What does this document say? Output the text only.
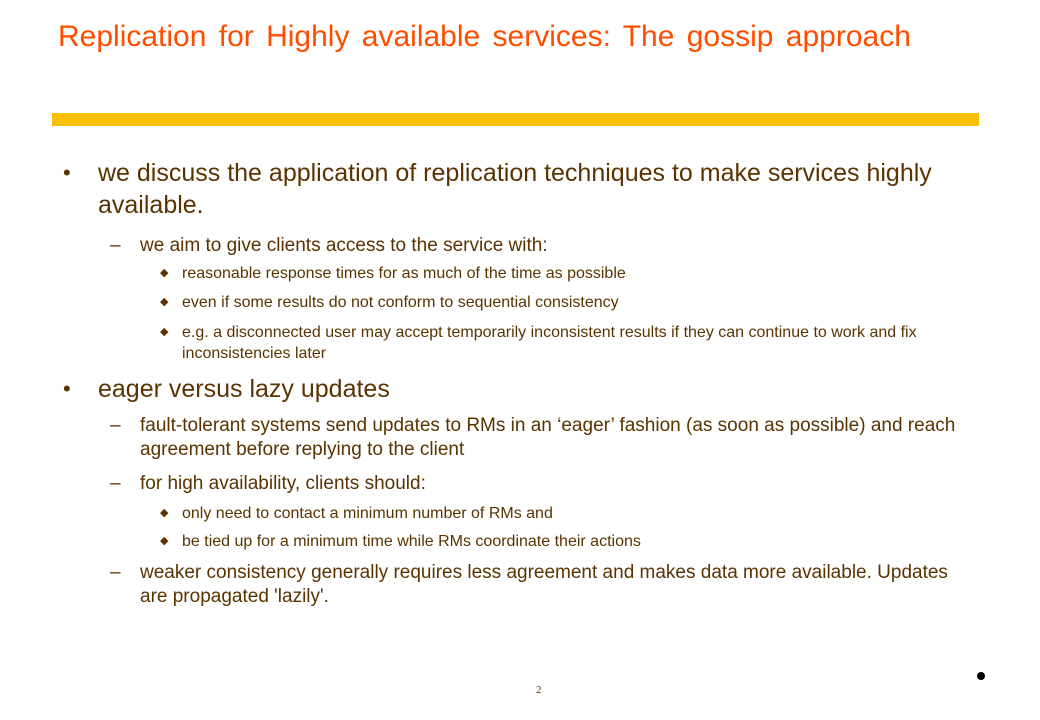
Replication for Highly available services: The gossip approach
• we discuss the application of replication techniques to make services highly available.
– we aim to give clients access to the service with:
◆ reasonable response times for as much of the time as possible
◆ even if some results do not conform to sequential consistency
◆ e.g. a disconnected user may accept temporarily inconsistent results if they can continue to work and fix inconsistencies later
• eager versus lazy updates
– fault-tolerant systems send updates to RMs in an ‘eager’ fashion (as soon as possible) and reach agreement before replying to the client
– for high availability, clients should:
◆ only need to contact a minimum number of RMs and
◆ be tied up for a minimum time while RMs coordinate their actions
– weaker consistency generally requires less agreement and makes data more available. Updates are propagated 'lazily'.
2
